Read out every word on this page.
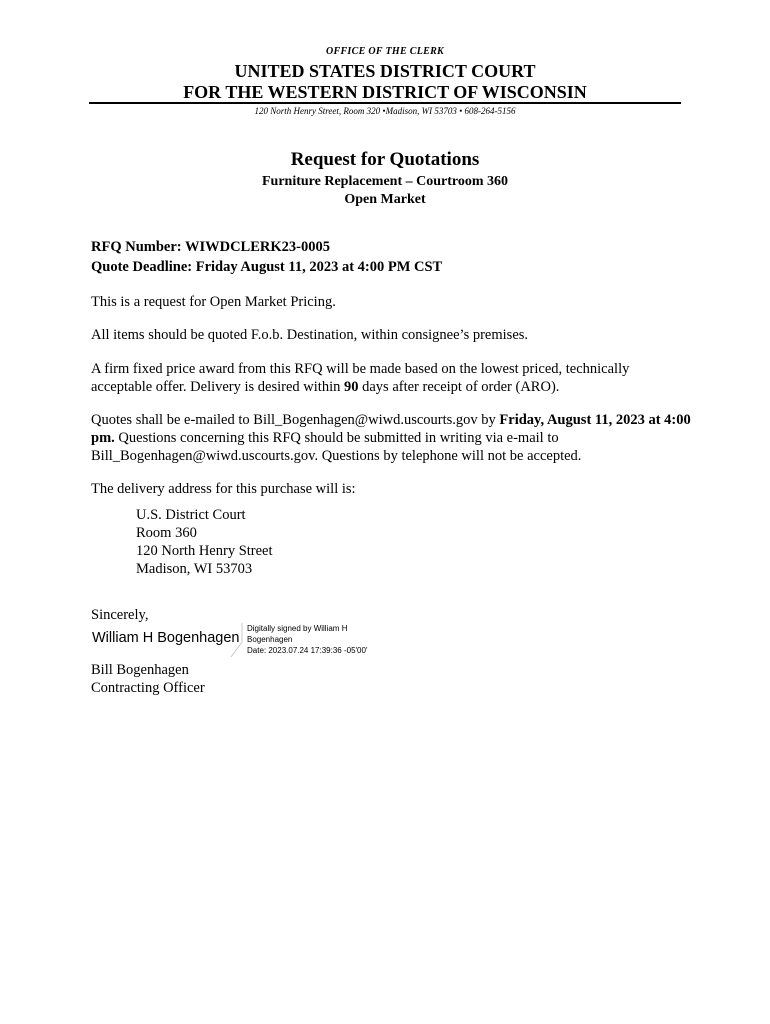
OFFICE OF THE CLERK
UNITED STATES DISTRICT COURT
FOR THE WESTERN DISTRICT OF WISCONSIN
120 North Henry Street, Room 320 •Madison, WI 53703 • 608-264-5156
Request for Quotations
Furniture Replacement – Courtroom 360
Open Market
RFQ Number: WIWDCLERK23-0005
Quote Deadline: Friday August 11, 2023 at 4:00 PM CST
This is a request for Open Market Pricing.
All items should be quoted F.o.b. Destination, within consignee’s premises.
A firm fixed price award from this RFQ will be made based on the lowest priced, technically acceptable offer. Delivery is desired within 90 days after receipt of order (ARO).
Quotes shall be e-mailed to Bill_Bogenhagen@wiwd.uscourts.gov by Friday, August 11, 2023 at 4:00 pm. Questions concerning this RFQ should be submitted in writing via e-mail to Bill_Bogenhagen@wiwd.uscourts.gov. Questions by telephone will not be accepted.
The delivery address for this purchase will is:
U.S. District Court
Room 360
120 North Henry Street
Madison, WI 53703
Sincerely,
William H Bogenhagen
Digitally signed by William H
Bogenhagen
Date: 2023.07.24 17:39:36 -05'00'
Bill Bogenhagen
Contracting Officer
